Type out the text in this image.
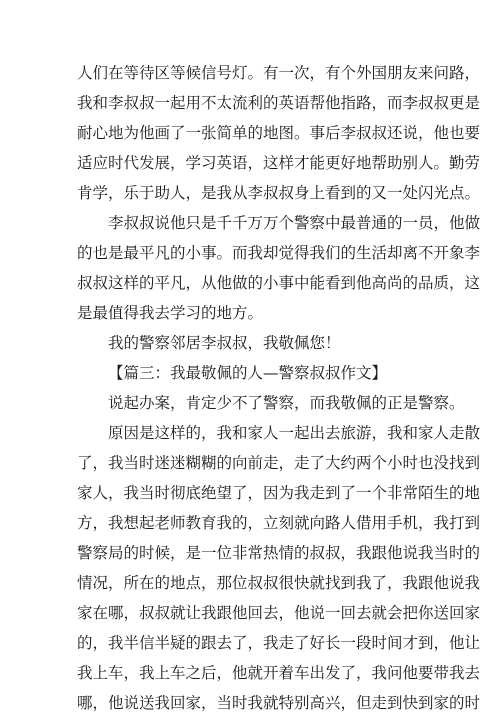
人们在等待区等候信号灯。有一次，有个外国朋友来问路，
我和李叔叔一起用不太流利的英语帮他指路，而李叔叔更是
耐心地为他画了一张简单的地图。事后李叔叔还说，他也要
适应时代发展，学习英语，这样才能更好地帮助别人。勤劳
肯学，乐于助人，是我从李叔叔身上看到的又一处闪光点。
李叔叔说他只是千千万万个警察中最普通的一员，他做
的也是最平凡的小事。而我却觉得我们的生活却离不开象李
叔叔这样的平凡，从他做的小事中能看到他高尚的品质，这
是最值得我去学习的地方。
我的警察邻居李叔叔，我敬佩您！
【篇三：我最敬佩的人—警察叔叔作文】
说起办案，肯定少不了警察，而我敬佩的正是警察。
原因是这样的，我和家人一起出去旅游，我和家人走散
了，我当时迷迷糊糊的向前走，走了大约两个小时也没找到
家人，我当时彻底绝望了，因为我走到了一个非常陌生的地
方，我想起老师教育我的，立刻就向路人借用手机，我打到
警察局的时候，是一位非常热情的叔叔，我跟他说我当时的
情况，所在的地点，那位叔叔很快就找到我了，我跟他说我
家在哪，叔叔就让我跟他回去，他说一回去就会把你送回家
的，我半信半疑的跟去了，我走了好长一段时间才到，他让
我上车，我上车之后，他就开着车出发了，我问他要带我去
哪，他说送我回家，当时我就特别高兴，但走到快到家的时
